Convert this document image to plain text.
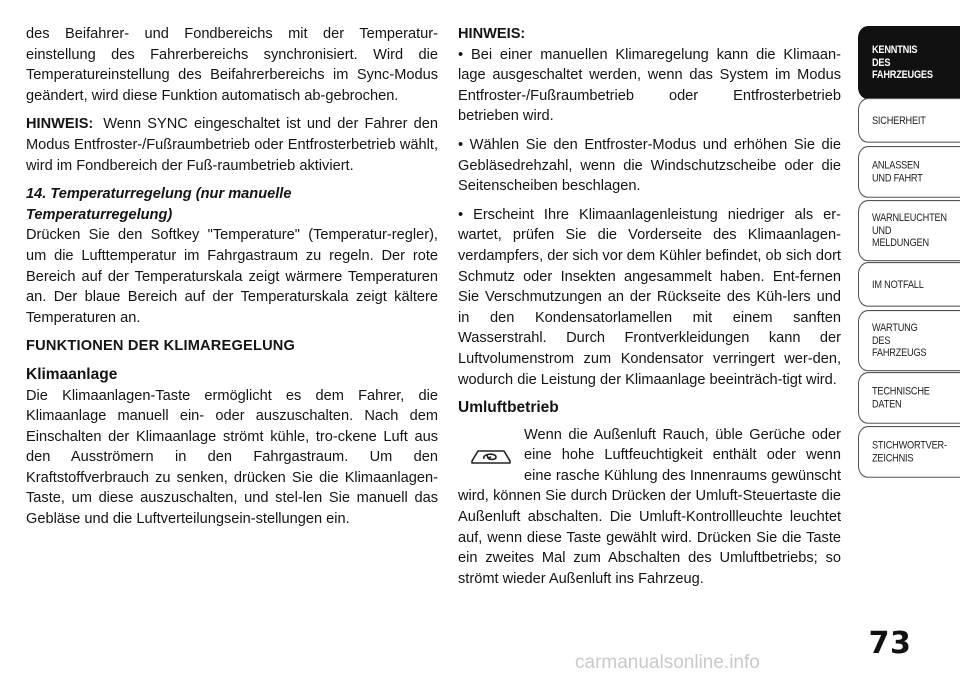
des Beifahrer- und Fondbereichs mit der Temperatur-einstellung des Fahrerbereichs synchronisiert. Wird die Temperatureinstellung des Beifahrerbereichs im Sync-Modus geändert, wird diese Funktion automatisch ab-gebrochen.

HINWEIS: Wenn SYNC eingeschaltet ist und der Fahrer den Modus Entfroster-/Fußraumbetrieb oder Entfrosterbetrieb wählt, wird im Fondbereich der Fuß-raumbetrieb aktiviert.

14. Temperaturregelung (nur manuelle
Temperaturregelung)

Drücken Sie den Softkey "Temperature" (Temperatur-regler), um die Lufttemperatur im Fahrgastraum zu regeln. Der rote Bereich auf der Temperaturskala zeigt wärmere Temperaturen an. Der blaue Bereich auf der Temperaturskala zeigt kältere Temperaturen an.

FUNKTIONEN DER KLIMAREGELUNG

Klimaanlage

Die Klimaanlagen-Taste ermöglicht es dem Fahrer, die Klimaanlage manuell ein- oder auszuschalten. Nach dem Einschalten der Klimaanlage strömt kühle, tro-ckene Luft aus den Ausströmern in den Fahrgastraum. Um den Kraftstoffverbrauch zu senken, drücken Sie die Klimaanlagen-Taste, um diese auszuschalten, und stel-len Sie manuell das Gebläse und die Luftverteilungsein-stellungen ein.

HINWEIS:

• Bei einer manuellen Klimaregelung kann die Klimaan-lage ausgeschaltet werden, wenn das System im Modus Entfroster-/Fußraumbetrieb oder Entfrosterbetrieb betrieben wird.

• Wählen Sie den Entfroster-Modus und erhöhen Sie die Gebläsedrehzahl, wenn die Windschutzscheibe oder die Seitenscheiben beschlagen.

• Erscheint Ihre Klimaanlagenleistung niedriger als er-wartet, prüfen Sie die Vorderseite des Klimaanlagen-verdampfers, der sich vor dem Kühler befindet, ob sich dort Schmutz oder Insekten angesammelt haben. Ent-fernen Sie Verschmutzungen an der Rückseite des Küh-lers und in den Kondensatorlamellen mit einem sanften Wasserstrahl. Durch Frontverkleidungen kann der Luftvolumenstrom zum Kondensator verringert wer-den, wodurch die Leistung der Klimaanlage beeinträch-tigt wird.

Umluftbetrieb

Wenn die Außenluft Rauch, üble Gerüche oder eine hohe Luftfeuchtigkeit enthält oder wenn eine rasche Kühlung des Innenraums gewünscht wird, können Sie durch Drücken der Umluft-Steuertaste die Außenluft abschalten. Die Umluft-Kontrollleuchte leuchtet auf, wenn diese Taste gewählt wird. Drücken Sie die Taste ein zweites Mal zum Abschalten des Umluftbetriebs; so strömt wieder Außenluft ins Fahrzeug.

KENNTNIS
DES
FAHRZEUGES
SICHERHEIT
ANLASSEN
UND FAHRT
WARNLEUCHTEN
UND
MELDUNGEN
IM NOTFALL
WARTUNG
DES
FAHRZEUGS
TECHNISCHE
DATEN
STICHWORTVER-
ZEICHNIS
73
carmanualsonline.info
